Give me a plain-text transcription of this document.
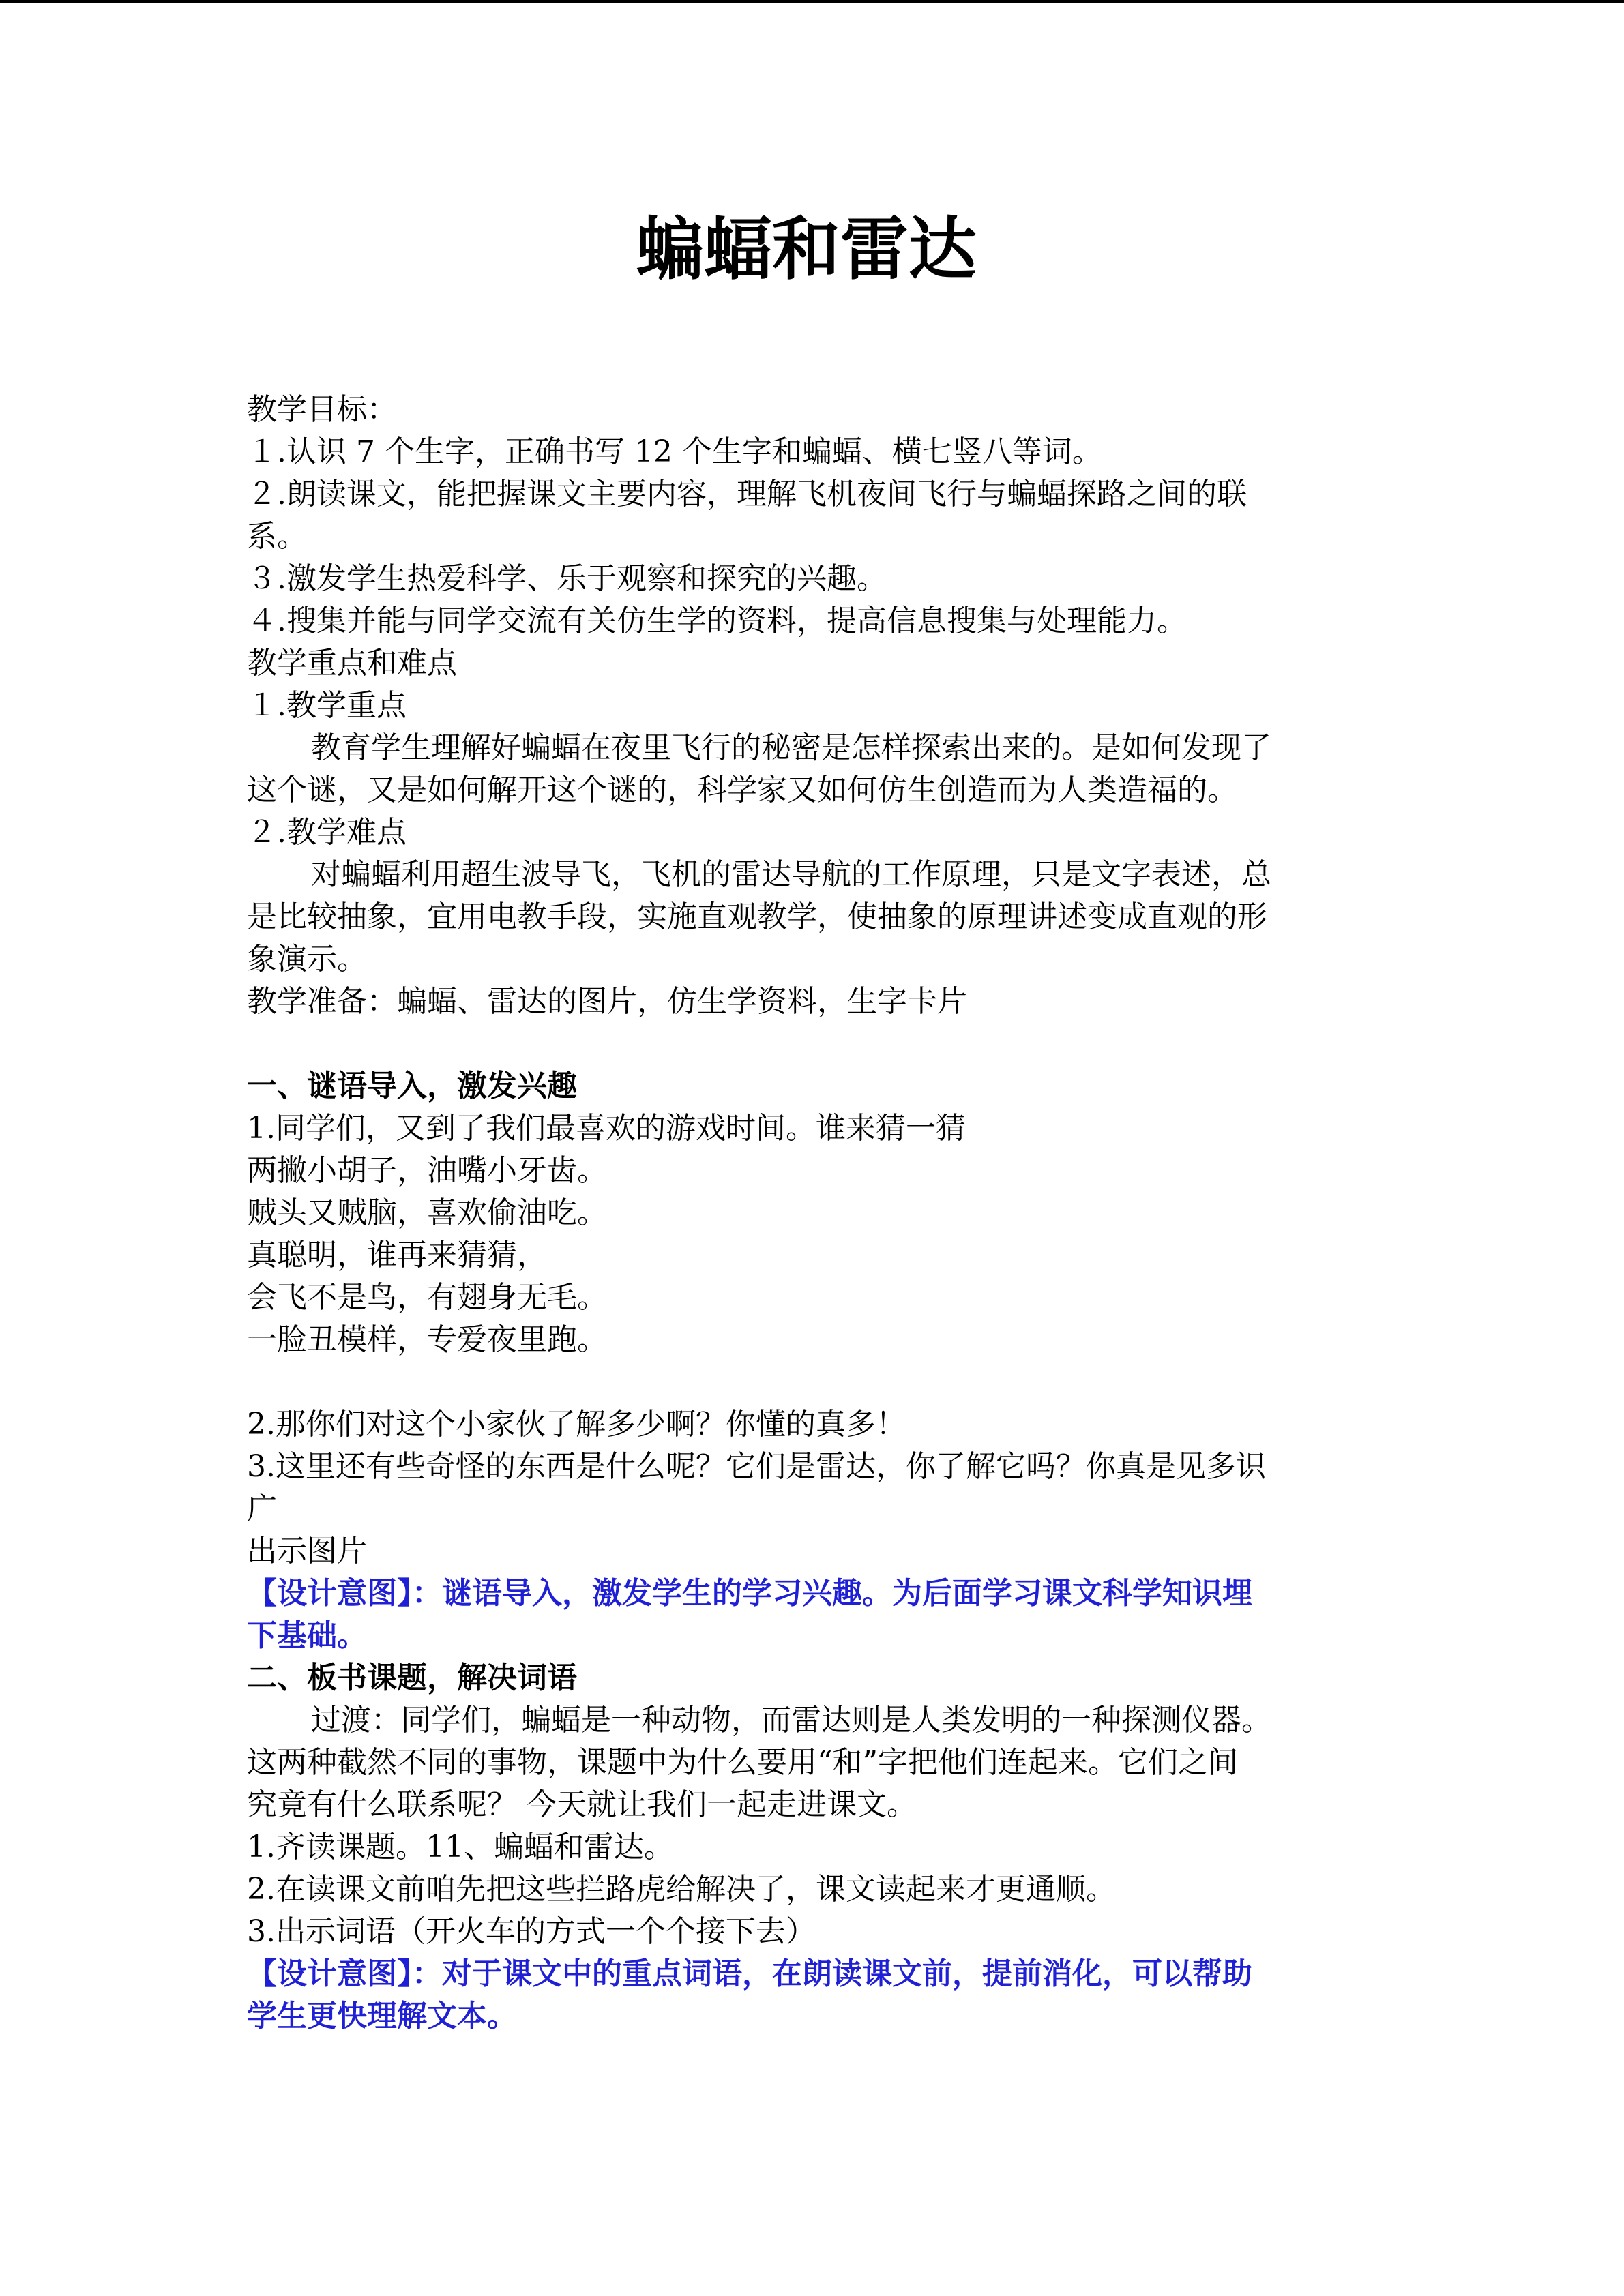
蝙蝠和雷达
教学目标：
１.认识 7 个生字，正确书写 12 个生字和蝙蝠、横七竖八等词。
２.朗读课文，能把握课文主要内容，理解飞机夜间飞行与蝙蝠探路之间的联
系。
３.激发学生热爱科学、乐于观察和探究的兴趣。
４.搜集并能与同学交流有关仿生学的资料，提高信息搜集与处理能力。
教学重点和难点
１.教学重点
教育学生理解好蝙蝠在夜里飞行的秘密是怎样探索出来的。是如何发现了
这个谜，又是如何解开这个谜的，科学家又如何仿生创造而为人类造福的。
２.教学难点
对蝙蝠利用超生波导飞，飞机的雷达导航的工作原理，只是文字表述，总
是比较抽象，宜用电教手段，实施直观教学，使抽象的原理讲述变成直观的形
象演示。
教学准备：蝙蝠、雷达的图片，仿生学资料，生字卡片
一、谜语导入，激发兴趣
1.同学们，又到了我们最喜欢的游戏时间。谁来猜一猜
两撇小胡子，油嘴小牙齿。
贼头又贼脑，喜欢偷油吃。
真聪明，谁再来猜猜，
会飞不是鸟，有翅身无毛。
一脸丑模样，专爱夜里跑。
2.那你们对这个小家伙了解多少啊？你懂的真多！
3.这里还有些奇怪的东西是什么呢？它们是雷达，你了解它吗？你真是见多识
广
出示图片
【设计意图】：谜语导入，激发学生的学习兴趣。为后面学习课文科学知识埋
下基础。
二、板书课题，解决词语
过渡：同学们，蝙蝠是一种动物，而雷达则是人类发明的一种探测仪器。
这两种截然不同的事物，课题中为什么要用“和”字把他们连起来。它们之间
究竟有什么联系呢？ 今天就让我们一起走进课文。
1.齐读课题。11、蝙蝠和雷达。
2.在读课文前咱先把这些拦路虎给解决了，课文读起来才更通顺。
3.出示词语（开火车的方式一个个接下去）
【设计意图】：对于课文中的重点词语，在朗读课文前，提前消化，可以帮助
学生更快理解文本。
